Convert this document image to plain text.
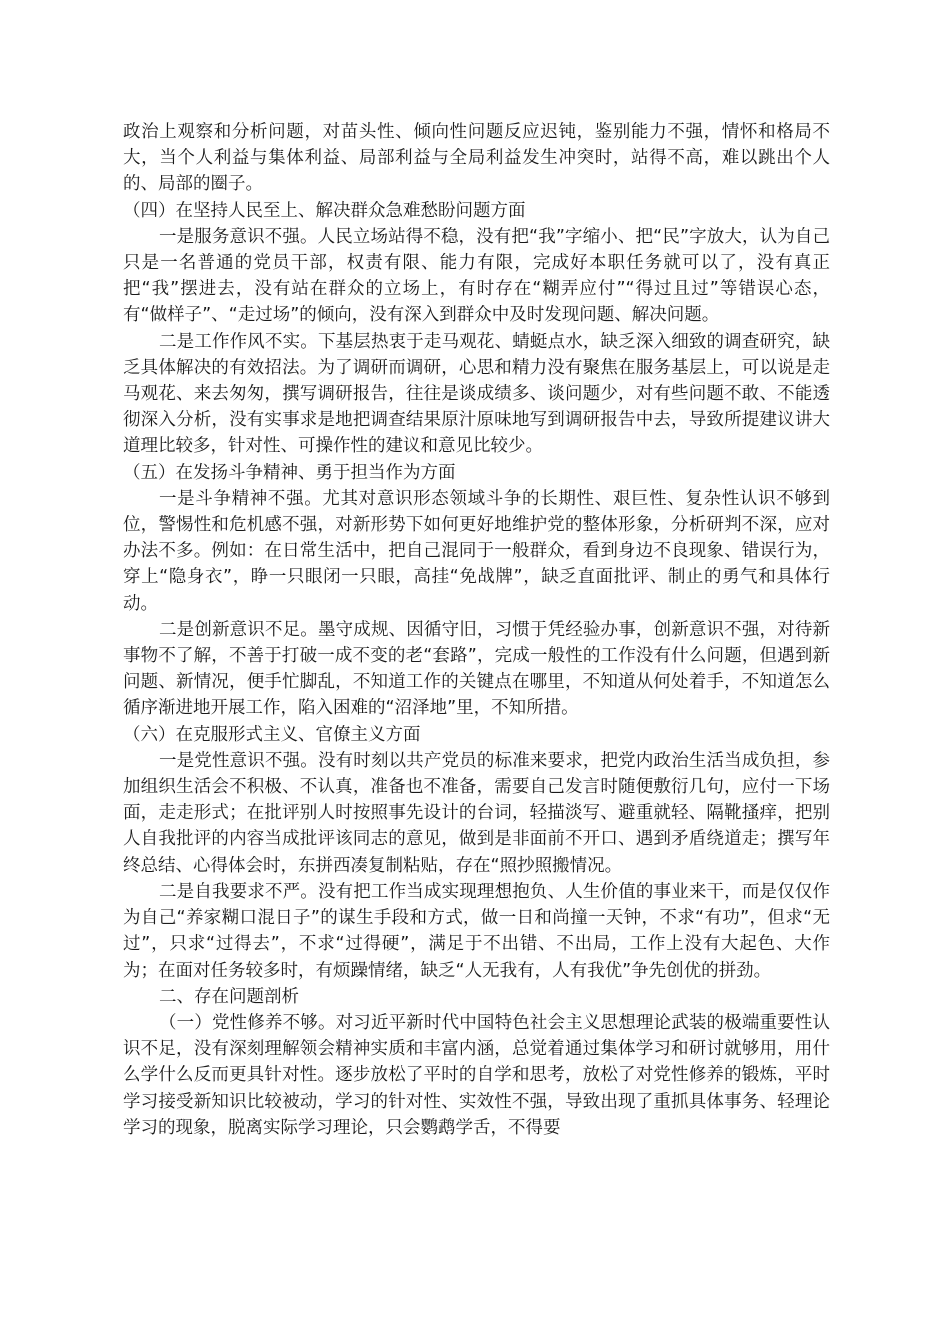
政治上观察和分析问题，对苗头性、倾向性问题反应迟钝，鉴别能力不强，情怀和格局不大，当个人利益与集体利益、局部利益与全局利益发生冲突时，站得不高，难以跳出个人的、局部的圈子。

（四）在坚持人民至上、解决群众急难愁盼问题方面

一是服务意识不强。人民立场站得不稳，没有把“我”字缩小、把“民”字放大，认为自己只是一名普通的党员干部，权责有限、能力有限，完成好本职任务就可以了，没有真正把“我”摆进去，没有站在群众的立场上，有时存在“糊弄应付”“得过且过”等错误心态，有“做样子”、“走过场”的倾向，没有深入到群众中及时发现问题、解决问题。

二是工作作风不实。下基层热衷于走马观花、蜻蜓点水，缺乏深入细致的调查研究，缺乏具体解决的有效招法。为了调研而调研，心思和精力没有聚焦在服务基层上，可以说是走马观花、来去匆匆，撰写调研报告，往往是谈成绩多、谈问题少，对有些问题不敢、不能透彻深入分析，没有实事求是地把调查结果原汁原味地写到调研报告中去，导致所提建议讲大道理比较多，针对性、可操作性的建议和意见比较少。

（五）在发扬斗争精神、勇于担当作为方面

一是斗争精神不强。尤其对意识形态领域斗争的长期性、艰巨性、复杂性认识不够到位，警惕性和危机感不强，对新形势下如何更好地维护党的整体形象，分析研判不深，应对办法不多。例如：在日常生活中，把自己混同于一般群众，看到身边不良现象、错误行为，穿上“隐身衣”，睁一只眼闭一只眼，高挂“免战牌”，缺乏直面批评、制止的勇气和具体行动。

二是创新意识不足。墨守成规、因循守旧，习惯于凭经验办事，创新意识不强，对待新事物不了解，不善于打破一成不变的老“套路”，完成一般性的工作没有什么问题，但遇到新问题、新情况，便手忙脚乱，不知道工作的关键点在哪里，不知道从何处着手，不知道怎么循序渐进地开展工作，陷入困难的“沼泽地”里，不知所措。

（六）在克服形式主义、官僚主义方面

一是党性意识不强。没有时刻以共产党员的标准来要求，把党内政治生活当成负担，参加组织生活会不积极、不认真，准备也不准备，需要自己发言时随便敷衍几句，应付一下场面，走走形式；在批评别人时按照事先设计的台词，轻描淡写、避重就轻、隔靴搔痒，把别人自我批评的内容当成批评该同志的意见，做到是非面前不开口、遇到矛盾绕道走；撰写年终总结、心得体会时，东拼西凑复制粘贴，存在“照抄照搬情况。

二是自我要求不严。没有把工作当成实现理想抱负、人生价值的事业来干，而是仅仅作为自己“养家糊口混日子”的谋生手段和方式，做一日和尚撞一天钟，不求“有功”，但求“无过”，只求“过得去”，不求“过得硬”，满足于不出错、不出局，工作上没有大起色、大作为；在面对任务较多时，有烦躁情绪，缺乏“人无我有，人有我优”争先创优的拼劲。

二、存在问题剖析

（一）党性修养不够。对习近平新时代中国特色社会主义思想理论武装的极端重要性认识不足，没有深刻理解领会精神实质和丰富内涵，总觉着通过集体学习和研讨就够用，用什么学什么反而更具针对性。逐步放松了平时的自学和思考，放松了对党性修养的锻炼，平时学习接受新知识比较被动，学习的针对性、实效性不强，导致出现了重抓具体事务、轻理论学习的现象，脱离实际学习理论，只会鹦鹉学舌，不得要
